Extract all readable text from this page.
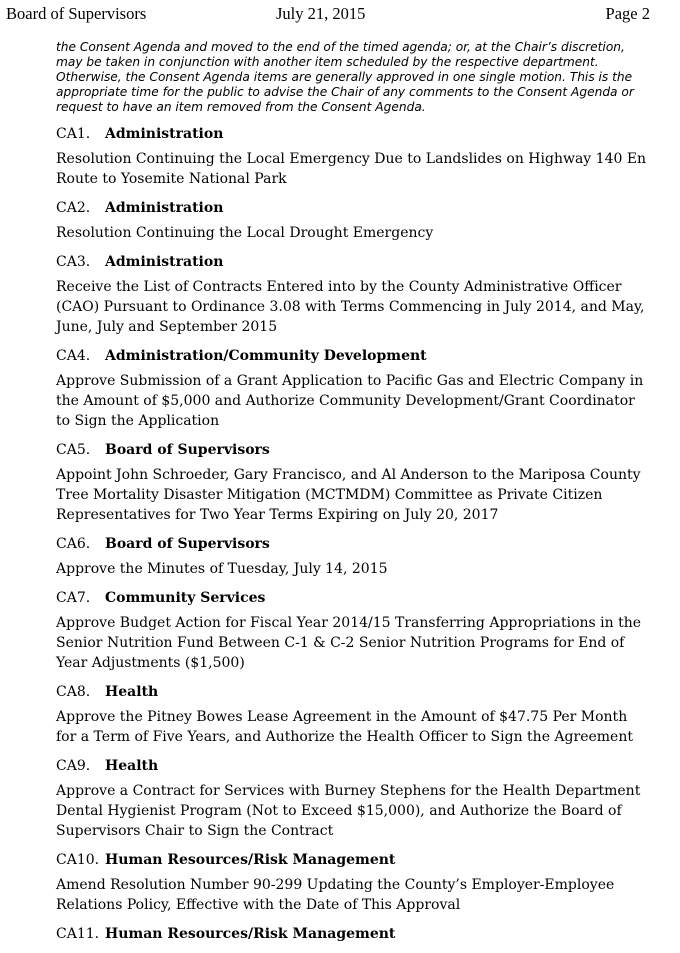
Board of Supervisors	July 21, 2015	Page 2

the Consent Agenda and moved to the end of the timed agenda; or, at the Chair’s discretion, may be taken in conjunction with another item scheduled by the respective department. Otherwise, the Consent Agenda items are generally approved in one single motion. This is the appropriate time for the public to advise the Chair of any comments to the Consent Agenda or request to have an item removed from the Consent Agenda.

CA1. Administration

Resolution Continuing the Local Emergency Due to Landslides on Highway 140 En Route to Yosemite National Park

CA2. Administration

Resolution Continuing the Local Drought Emergency

CA3. Administration

Receive the List of Contracts Entered into by the County Administrative Officer (CAO) Pursuant to Ordinance 3.08 with Terms Commencing in July 2014, and May, June, July and September 2015

CA4. Administration/Community Development

Approve Submission of a Grant Application to Pacific Gas and Electric Company in the Amount of $5,000 and Authorize Community Development/Grant Coordinator to Sign the Application

CA5. Board of Supervisors

Appoint John Schroeder, Gary Francisco, and Al Anderson to the Mariposa County Tree Mortality Disaster Mitigation (MCTMDM) Committee as Private Citizen Representatives for Two Year Terms Expiring on July 20, 2017

CA6. Board of Supervisors

Approve the Minutes of Tuesday, July 14, 2015

CA7. Community Services

Approve Budget Action for Fiscal Year 2014/15 Transferring Appropriations in the Senior Nutrition Fund Between C-1 & C-2 Senior Nutrition Programs for End of Year Adjustments ($1,500)

CA8. Health

Approve the Pitney Bowes Lease Agreement in the Amount of $47.75 Per Month for a Term of Five Years, and Authorize the Health Officer to Sign the Agreement

CA9. Health

Approve a Contract for Services with Burney Stephens for the Health Department Dental Hygienist Program (Not to Exceed $15,000), and Authorize the Board of Supervisors Chair to Sign the Contract

CA10. Human Resources/Risk Management

Amend Resolution Number 90-299 Updating the County’s Employer-Employee Relations Policy, Effective with the Date of This Approval

CA11. Human Resources/Risk Management
